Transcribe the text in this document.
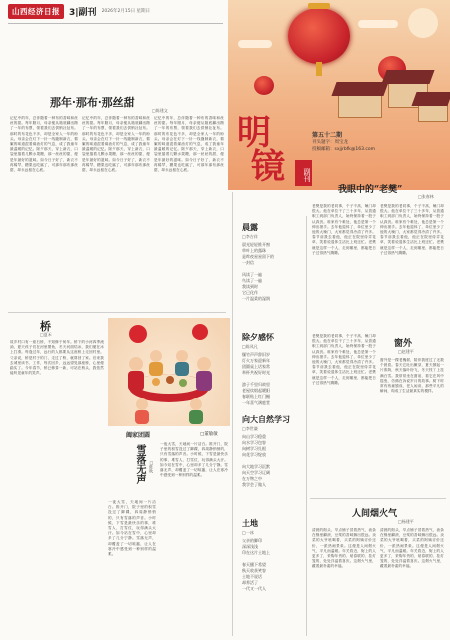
山西经济日报	3|副刊 2026年2月15日 星期日
明
镜	副刊
第五十二期
刊头题字：周宝龙
投稿邮箱：sxjjrbfk@163.com
那年·那布·那丝甜
□陈建文
记忆中的年，总伴随着一种布的香味和丝丝的甜。每年腊月，母亲便从箱底翻出攒了一年的布票，领着我们去供销社扯布。那时的布花色不多，却是全家人一年的盼头。母亲会在灯下一针一线缝制新衣，棉絮的味道混着煤油灯的气息，成了我童年最温暖的记忆。除夕那天，穿上新衣，口袋里揣着几颗水果糖，那一丝丝的甜，便是年最好的滋味。如今日子好了，新衣不再稀罕，糖果也吃腻了，可那年那布那丝甜，却永远留在心底。
记忆中的年，总伴随着一种布的香味和丝丝的甜。每年腊月，母亲便从箱底翻出攒了一年的布票，领着我们去供销社扯布。那时的布花色不多，却是全家人一年的盼头。母亲会在灯下一针一线缝制新衣，棉絮的味道混着煤油灯的气息，成了我童年最温暖的记忆。除夕那天，穿上新衣，口袋里揣着几颗水果糖，那一丝丝的甜，便是年最好的滋味。如今日子好了，新衣不再稀罕，糖果也吃腻了，可那年那布那丝甜，却永远留在心底。
记忆中的年，总伴随着一种布的香味和丝丝的甜。每年腊月，母亲便从箱底翻出攒了一年的布票，领着我们去供销社扯布。那时的布花色不多，却是全家人一年的盼头。母亲会在灯下一针一线缝制新衣，棉絮的味道混着煤油灯的气息，成了我童年最温暖的记忆。除夕那天，穿上新衣，口袋里揣着几颗水果糖，那一丝丝的甜，便是年最好的滋味。如今日子好了，新衣不再稀罕，糖果也吃腻了，可那年那布那丝甜，却永远留在心底。
桥
□夏禾
故乡村口有一座石桥，不知修于何年。桥下的小河四季流淌，夏天孩子们在河里摸鱼，冬天河面结冰，我们便在冰上打滑。每逢过年，远行的人都要从这座桥上走回村里。父亲说，桥是村子的门，走过了桥，就算回了家。后来我去城里读书、工作，每次回乡，远远望见那座桥，心里便踏实了。今年春节，桥已修葺一新，可站在桥头，我依然能听见童年的笑声。
阖家团圆	□董敏敏
雪落无声	□陈秋
一夜大雪，天地间一片洁白。推开门，院子里的积雪没过了脚踝，四周静悄悄的，只有雪落的声音。小时候，下雪是最快乐的事，堆雪人、打雪仗，玩得满头大汗。如今站在雪中，心里却多了几分宁静。雪落无声，却覆盖了一切喧嚣，让人在寒冷中感受到一种别样的温柔。
一夜大雪，天地间一片洁白。推开门，院子里的积雪没过了脚踝，四周静悄悄的，只有雪落的声音。小时候，下雪是最快乐的事，堆雪人、打雪仗，玩得满头大汗。如今站在雪中，心里却多了几分宁静。雪落无声，却覆盖了一切喧嚣，让人在寒冷中感受到一种别样的温柔。
晨露
□李吉祥
晨光轻轻推开窗
草叶上的露珠
是昨夜星星留下的
一封信

风读了一遍
鸟读了一遍
我读到时
它已化作
一片温柔的湿润
除夕感怀
□陈凤凡
爆竹声声辞旧岁
灯火万家迎新年
团圆桌上话家常
举杯共祝好时光

游子千里归故里
老屋炊烟起暖阳
春联贴上红门楣
一年喜气满庭堂
向大自然学习
□李世谦
向山学习稳重
向水学习包容
向树学习扎根
向花学习绽放

向大地学习沉默
向天空学习辽阔
在万物之中
我学会了做人
土地
□一冰
父亲的脚印
深深浅浅
印在这片土地上

春天播下希望
秋天收获笑容
土地不说话
却养活了
一代又一代人
我眼中的“老樊”
□张春林
老樊是我的老同事，个子不高，嗓门却很大。他在单位干了三十多年，从普通职工到部门负责人，始终保持着一股子认真劲。谁家有个难处，他总是第一个伸出援手。去年他退休了，单位里少了他的大嗓门，大家都觉得冷清了许多。春节前我去看他，他正在院里侍弄花草，笑着说退休生活比上班还忙。老樊就是这样一个人，走到哪里，都能把日子过得热气腾腾。
老樊是我的老同事，个子不高，嗓门却很大。他在单位干了三十多年，从普通职工到部门负责人，始终保持着一股子认真劲。谁家有个难处，他总是第一个伸出援手。去年他退休了，单位里少了他的大嗓门，大家都觉得冷清了许多。春节前我去看他，他正在院里侍弄花草，笑着说退休生活比上班还忙。老樊就是这样一个人，走到哪里，都能把日子过得热气腾腾。
老樊是我的老同事，个子不高，嗓门却很大。他在单位干了三十多年，从普通职工到部门负责人，始终保持着一股子认真劲。谁家有个难处，他总是第一个伸出援手。去年他退休了，单位里少了他的大嗓门，大家都觉得冷清了许多。春节前我去看他，他正在院里侍弄花草，笑着说退休生活比上班还忙。老樊就是这样一个人，走到哪里，都能把日子过得热气腾腾。
窗外
□赵建平
窗外是一棵老槐树，陪伴我度过了无数个晨昏。春天它吐出嫩芽，夏天撑起一片浓荫，秋天落叶纷飞，冬天枝丫上挂满白雪。我常常坐在窗前，看它在风中摇曳，仿佛在诉说岁月的故事。树下时常有孩童嬉戏、老人闲谈，那些平凡的瞬间，构成了生活最真实的模样。
人间烟火气
□杨建平
清晨的街头，早点铺子冒着热气，油条在锅里翻滚，豆浆的香味飘出很远。卖菜的大爷吆喝着，买菜的阿姨讨价还价，一派热闹景象。这便是人间烟火气，平凡而温暖。年关将近，街上的人更多了，采购年货的、贴春联的、挂灯笼的，处处洋溢着喜庆。这烟火气里，藏着最朴素的幸福。
清晨的街头，早点铺子冒着热气，油条在锅里翻滚，豆浆的香味飘出很远。卖菜的大爷吆喝着，买菜的阿姨讨价还价，一派热闹景象。这便是人间烟火气，平凡而温暖。年关将近，街上的人更多了，采购年货的、贴春联的、挂灯笼的，处处洋溢着喜庆。这烟火气里，藏着最朴素的幸福。
